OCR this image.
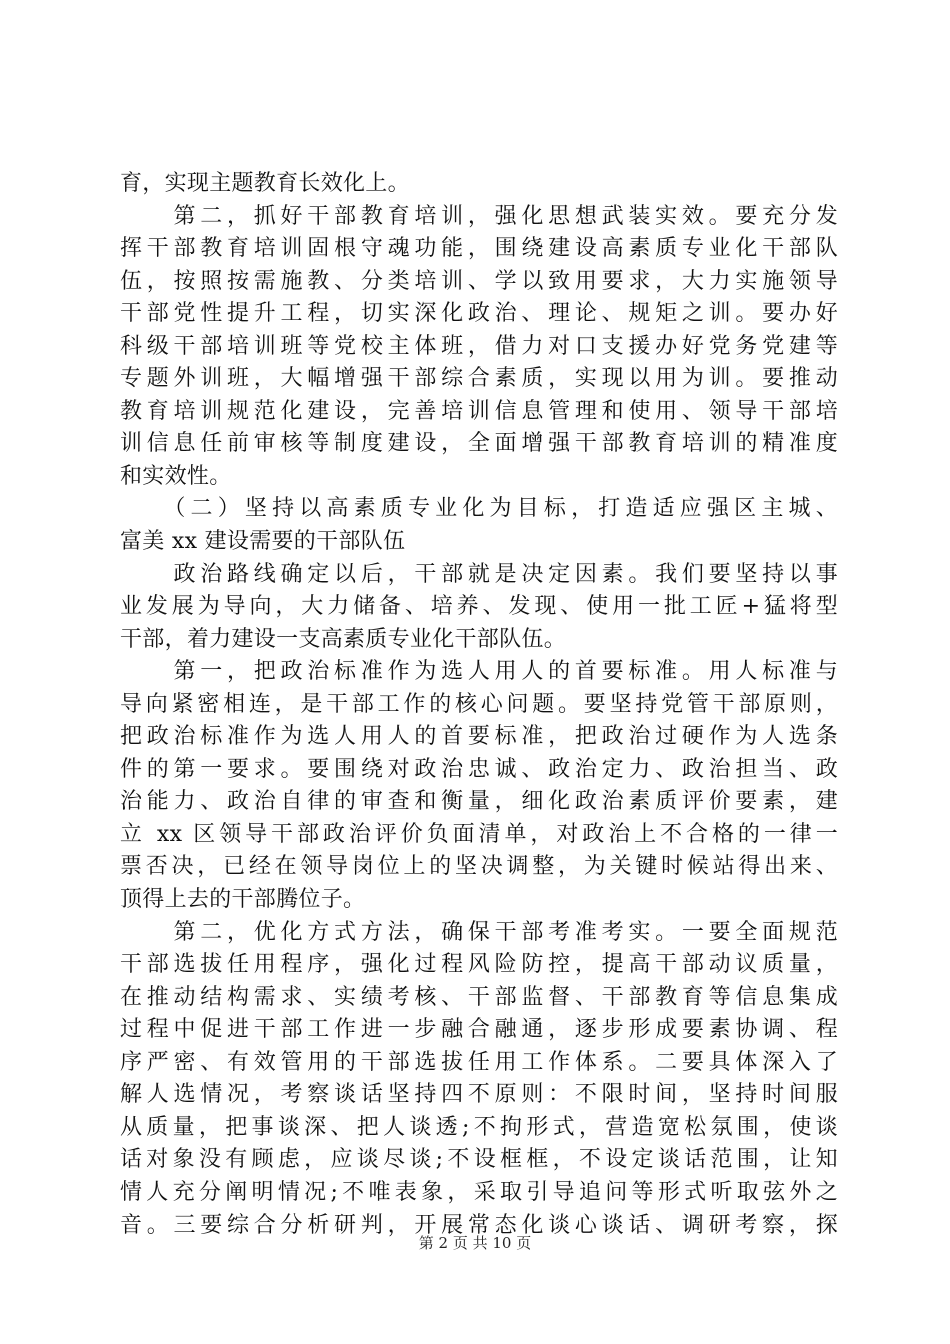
育，实现主题教育长效化上。
　　第二，抓好干部教育培训，强化思想武装实效。要充分发
挥干部教育培训固根守魂功能，围绕建设高素质专业化干部队
伍，按照按需施教、分类培训、学以致用要求，大力实施领导
干部党性提升工程，切实深化政治、理论、规矩之训。要办好
科级干部培训班等党校主体班，借力对口支援办好党务党建等
专题外训班，大幅增强干部综合素质，实现以用为训。要推动
教育培训规范化建设，完善培训信息管理和使用、领导干部培
训信息任前审核等制度建设，全面增强干部教育培训的精准度
和实效性。
　　（二）坚持以高素质专业化为目标，打造适应强区主城、
富美 xx 建设需要的干部队伍
　　政治路线确定以后，干部就是决定因素。我们要坚持以事
业发展为导向，大力储备、培养、发现、使用一批工匠+猛将型
干部，着力建设一支高素质专业化干部队伍。
　　第一，把政治标准作为选人用人的首要标准。用人标准与
导向紧密相连，是干部工作的核心问题。要坚持党管干部原则，
把政治标准作为选人用人的首要标准，把政治过硬作为人选条
件的第一要求。要围绕对政治忠诚、政治定力、政治担当、政
治能力、政治自律的审查和衡量，细化政治素质评价要素，建
立 xx 区领导干部政治评价负面清单，对政治上不合格的一律一
票否决，已经在领导岗位上的坚决调整，为关键时候站得出来、
顶得上去的干部腾位子。
　　第二，优化方式方法，确保干部考准考实。一要全面规范
干部选拔任用程序，强化过程风险防控，提高干部动议质量，
在推动结构需求、实绩考核、干部监督、干部教育等信息集成
过程中促进干部工作进一步融合融通，逐步形成要素协调、程
序严密、有效管用的干部选拔任用工作体系。二要具体深入了
解人选情况，考察谈话坚持四不原则：不限时间，坚持时间服
从质量，把事谈深、把人谈透;不拘形式，营造宽松氛围，使谈
话对象没有顾虑，应谈尽谈;不设框框，不设定谈话范围，让知
情人充分阐明情况;不唯表象，采取引导追问等形式听取弦外之
音。三要综合分析研判，开展常态化谈心谈话、调研考察，探
第 2 页 共 10 页
